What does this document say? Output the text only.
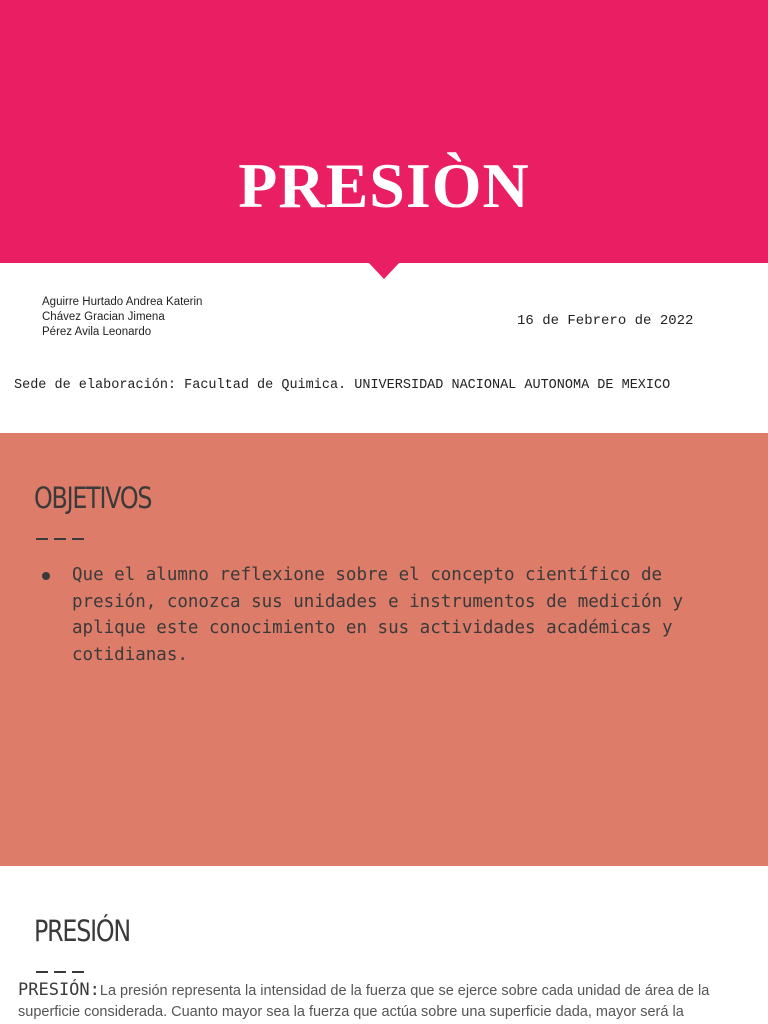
PRESIÒN
Aguirre Hurtado Andrea Katerin
Chávez Gracian Jimena
Pérez Avila Leonardo
16 de Febrero de 2022
Sede de elaboración: Facultad de Quimica. UNIVERSIDAD NACIONAL AUTONOMA DE MEXICO
OBJETIVOS
Que el alumno reflexione sobre el concepto científico de presión, conozca sus unidades e instrumentos de medición y aplique este conocimiento en sus actividades académicas y cotidianas.
PRESIÓN
PRESIÓN:La presión representa la intensidad de la fuerza que se ejerce sobre cada unidad de área de la superficie considerada. Cuanto mayor sea la fuerza que actúa sobre una superficie dada, mayor será la
